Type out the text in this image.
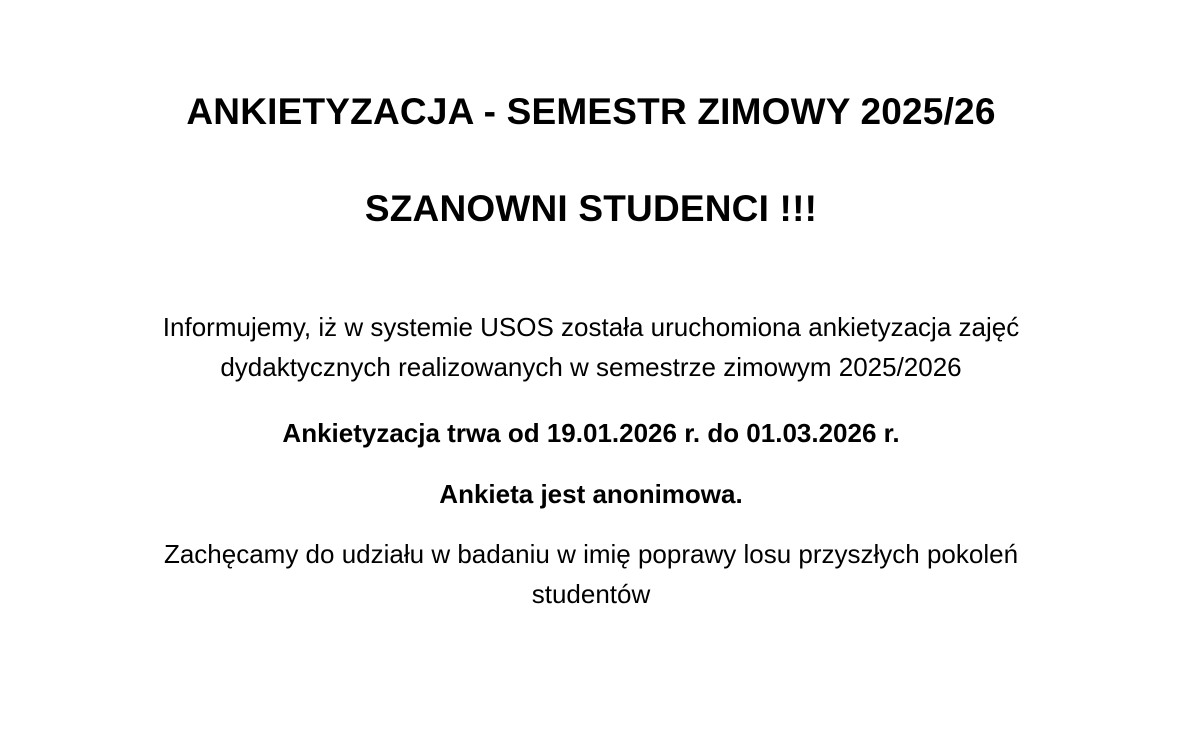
ANKIETYZACJA - SEMESTR ZIMOWY 2025/26
SZANOWNI STUDENCI !!!

Informujemy, iż w systemie USOS została uruchomiona ankietyzacja zajęć dydaktycznych realizowanych w semestrze zimowym 2025/2026

Ankietyzacja trwa od 19.01.2026 r. do 01.03.2026 r.

Ankieta jest anonimowa.

Zachęcamy do udziału w badaniu w imię poprawy losu przyszłych pokoleń studentów
